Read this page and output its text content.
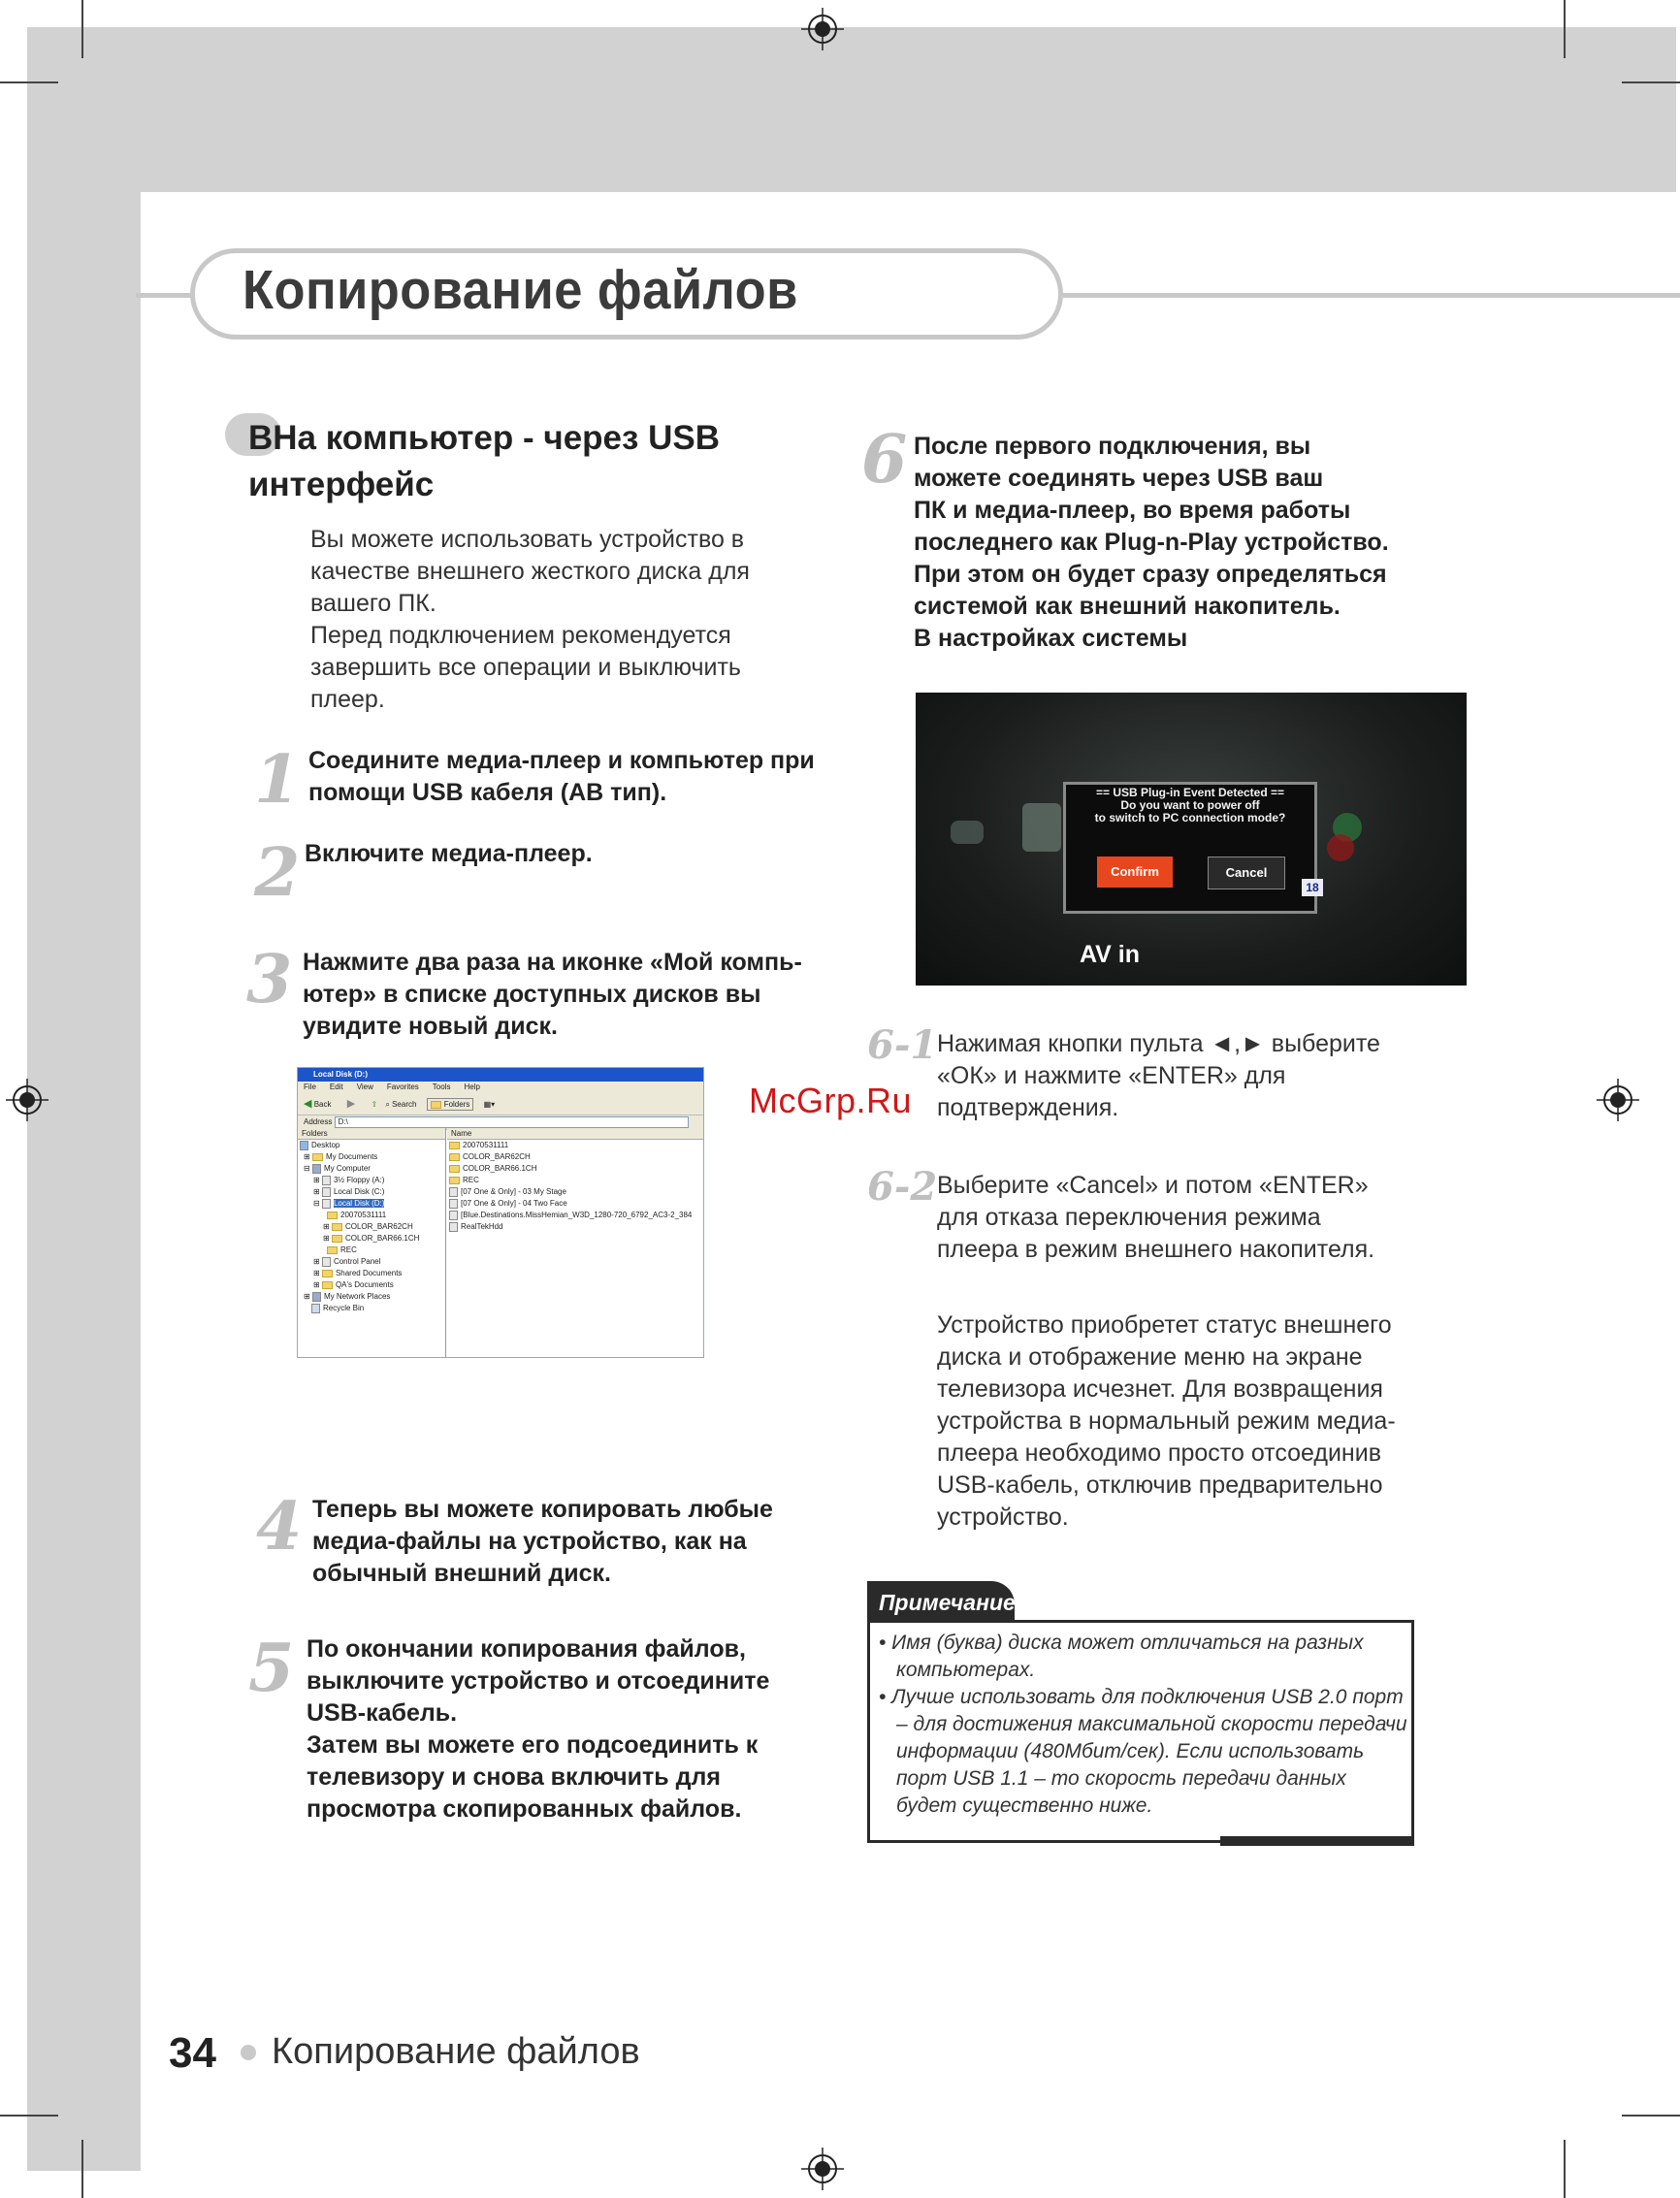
Копирование файлов
ВНа компьютер - через USB интерфейс
Вы можете использовать устройство в
качестве внешнего жесткого диска для
вашего ПК.
Перед подключением рекомендуется
завершить все операции и выключить
плеер.
1 Соедините медиа-плеер и компьютер при
помощи USB кабеля (AB тип).
2 Включите медиа-плеер.
3 Нажмите два раза на иконке «Мой компь-
ютер» в списке доступных дисков вы
увидите новый диск.
Local Disk (D:)
File Edit View Favorites Tools Help
◀ Back ▶ ⇧ ⌕ Search	Folders ▦▾
Address D:\
Folders
Desktop
⊞ My Documents
⊟ My Computer
⊞ 3½ Floppy (A:)
⊞ Local Disk (C:)
⊟ Local Disk (D:)
20070531111
⊞ COLOR_BAR62CH
⊞ COLOR_BAR66.1CH
REC
⊞ Control Panel
⊞ Shared Documents
⊞ QA's Documents
⊞ My Network Places
Recycle Bin
Name
20070531111
COLOR_BAR62CH
COLOR_BAR66.1CH
REC
[07 One & Only] - 03 My Stage
[07 One & Only] - 04 Two Face
[Blue.Destinations.MissHemian_W3D_1280-720_6792_AC3-2_384
RealTekHdd
McGrp.Ru
4 Теперь вы можете копировать любые
медиа-файлы на устройство, как на
обычный внешний диск.
5 По окончании копирования файлов,
выключите устройство и отсоедините
USB-кабель.
Затем вы можете его подсоединить к
телевизору и снова включить для
просмотра скопированных файлов.
6 После первого подключения, вы
можете соединять через USB ваш
ПК и медиа-плеер, во время работы
последнего как Plug-n-Play устройство.
При этом он будет сразу определяться
системой как внешний накопитель.
В настройках системы
== USB Plug-in Event Detected ==
Do you want to power off
to switch to PC connection mode?
Confirm	Cancel
18
AV in
6-1 Нажимая кнопки пульта ◄,► выберите
«ОК» и нажмите «ENTER» для
подтверждения.
6-2 Выберите «Cancel» и потом «ENTER»
для отказа переключения режима
плеера в режим внешнего накопителя.
Устройство приобретет статус внешнего
диска и отображение меню на экране
телевизора исчезнет. Для возвращения
устройства в нормальный режим медиа-
плеера необходимо просто отсоединив
USB-кабель, отключив предварительно
устройство.
Примечание
• Имя (буква) диска может отличаться на разных компьютерах.
• Лучше использовать для подключения USB 2.0 порт – для достижения максимальной скорости передачи информации (480Мбит/сек). Если использовать порт USB 1.1 – то скорость передачи данных будет существенно ниже.
34 Копирование файлов
